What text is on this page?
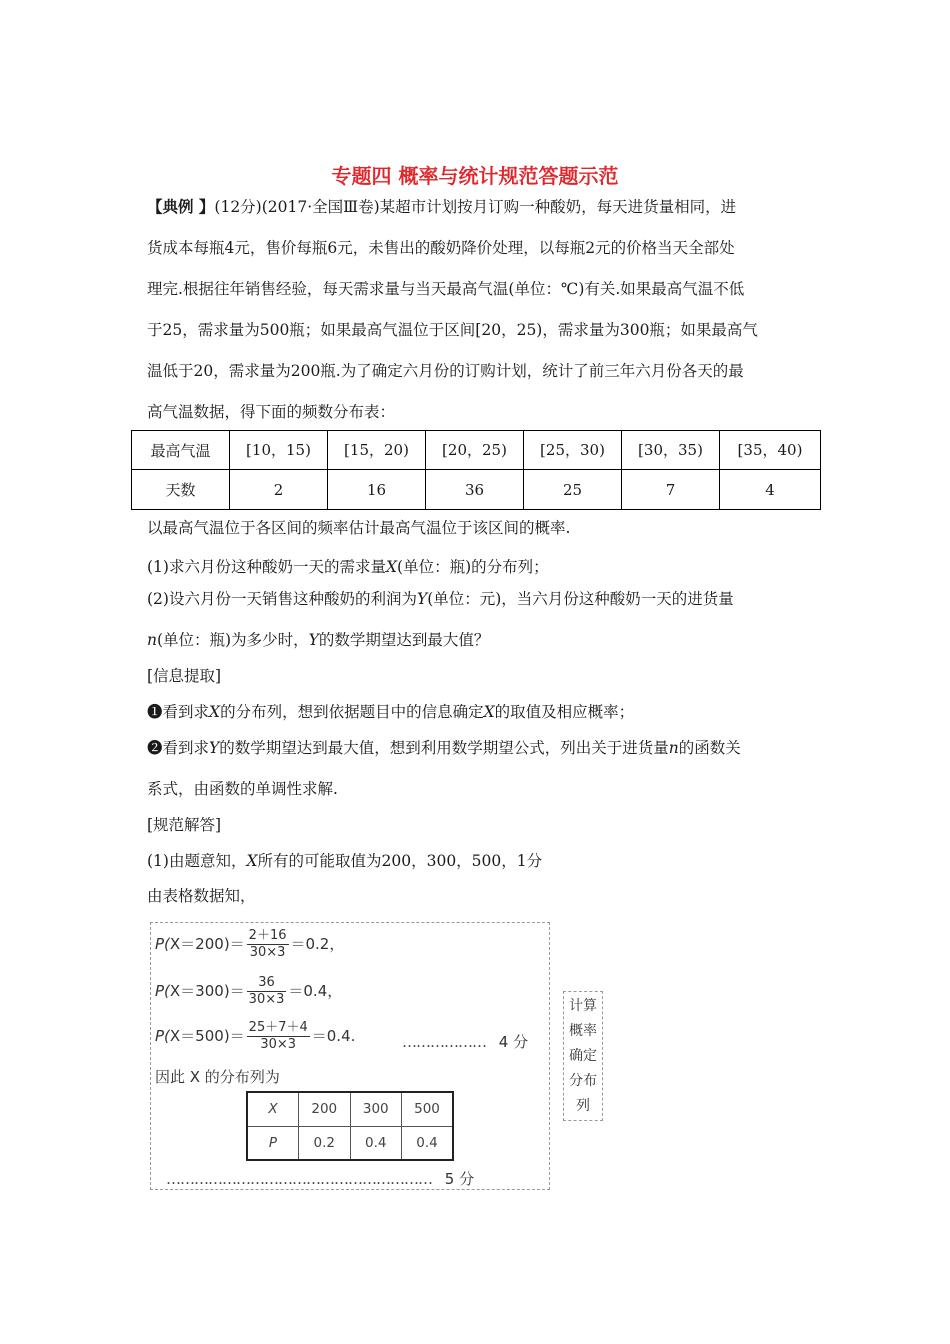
专题四 概率与统计规范答题示范
【典例 】(12分)(2017·全国Ⅲ卷)某超市计划按月订购一种酸奶，每天进货量相同，进
货成本每瓶4元，售价每瓶6元，未售出的酸奶降价处理，以每瓶2元的价格当天全部处
理完.根据往年销售经验，每天需求量与当天最高气温(单位：℃)有关.如果最高气温不低
于25，需求量为500瓶；如果最高气温位于区间[20，25)，需求量为300瓶；如果最高气
温低于20，需求量为200瓶.为了确定六月份的订购计划，统计了前三年六月份各天的最
高气温数据，得下面的频数分布表：
最高气温	[10，15)	[15，20)	[20，25)	[25，30)	[30，35)	[35，40)
天数	2	16	36	25	7	4
以最高气温位于各区间的频率估计最高气温位于该区间的概率.
(1)求六月份这种酸奶一天的需求量X(单位：瓶)的分布列；
(2)设六月份一天销售这种酸奶的利润为Y(单位：元)，当六月份这种酸奶一天的进货量
n(单位：瓶)为多少时，Y的数学期望达到最大值？
[信息提取]
❶看到求X的分布列，想到依据题目中的信息确定X的取值及相应概率；
❷看到求Y的数学期望达到最大值，想到利用数学期望公式，列出关于进货量n的函数关
系式，由函数的单调性求解.
[规范解答]
(1)由题意知，X所有的可能取值为200，300，500，1分
由表格数据知，
$P(X=200)= \frac{2+16}{30\times 3} =0.2$，
$P(X=300)= \frac{36}{30\times 3} =0.4$，
$P(X=500)= \frac{25+7+4}{30\times 3} =0.4$.	……………… 4 分
因此 X 的分布列为
X	200	300	500
P	0.2	0.4	0.4
………………………………………………… 5 分
计算
概率
确定
分布
列
